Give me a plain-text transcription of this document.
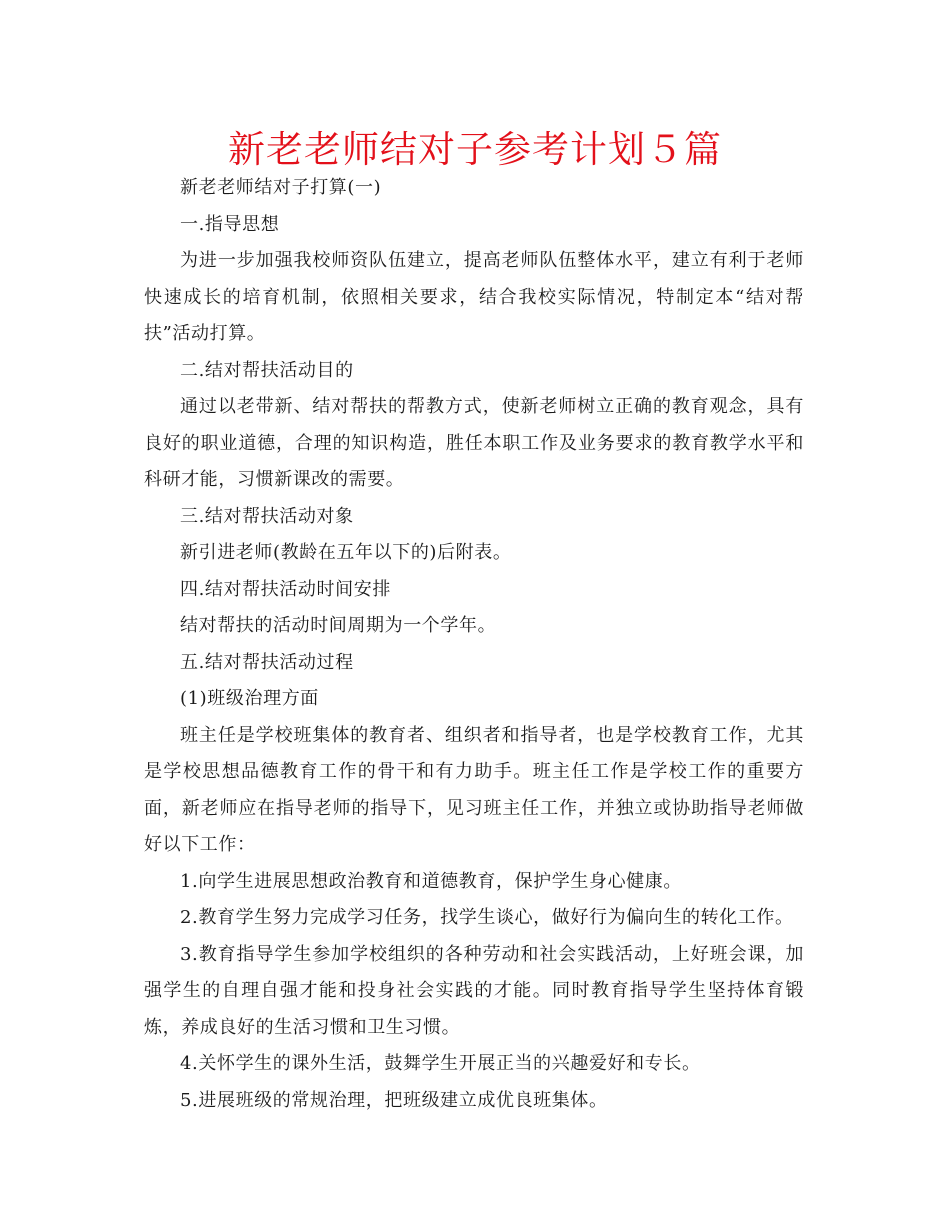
新老老师结对子参考计划５篇

新老老师结对子打算(一)

一.指导思想

为进一步加强我校师资队伍建立，提高老师队伍整体水平，建立有利于老师快速成长的培育机制，依照相关要求，结合我校实际情况，特制定本“结对帮扶”活动打算。

二.结对帮扶活动目的

通过以老带新、结对帮扶的帮教方式，使新老师树立正确的教育观念，具有良好的职业道德，合理的知识构造，胜任本职工作及业务要求的教育教学水平和科研才能，习惯新课改的需要。

三.结对帮扶活动对象

新引进老师(教龄在五年以下的)后附表。

四.结对帮扶活动时间安排

结对帮扶的活动时间周期为一个学年。

五.结对帮扶活动过程

(1)班级治理方面

班主任是学校班集体的教育者、组织者和指导者，也是学校教育工作，尤其是学校思想品德教育工作的骨干和有力助手。班主任工作是学校工作的重要方面，新老师应在指导老师的指导下，见习班主任工作，并独立或协助指导老师做好以下工作：

1.向学生进展思想政治教育和道德教育，保护学生身心健康。

2.教育学生努力完成学习任务，找学生谈心，做好行为偏向生的转化工作。

3.教育指导学生参加学校组织的各种劳动和社会实践活动，上好班会课，加强学生的自理自强才能和投身社会实践的才能。同时教育指导学生坚持体育锻炼，养成良好的生活习惯和卫生习惯。

4.关怀学生的课外生活，鼓舞学生开展正当的兴趣爱好和专长。

5.进展班级的常规治理，把班级建立成优良班集体。
